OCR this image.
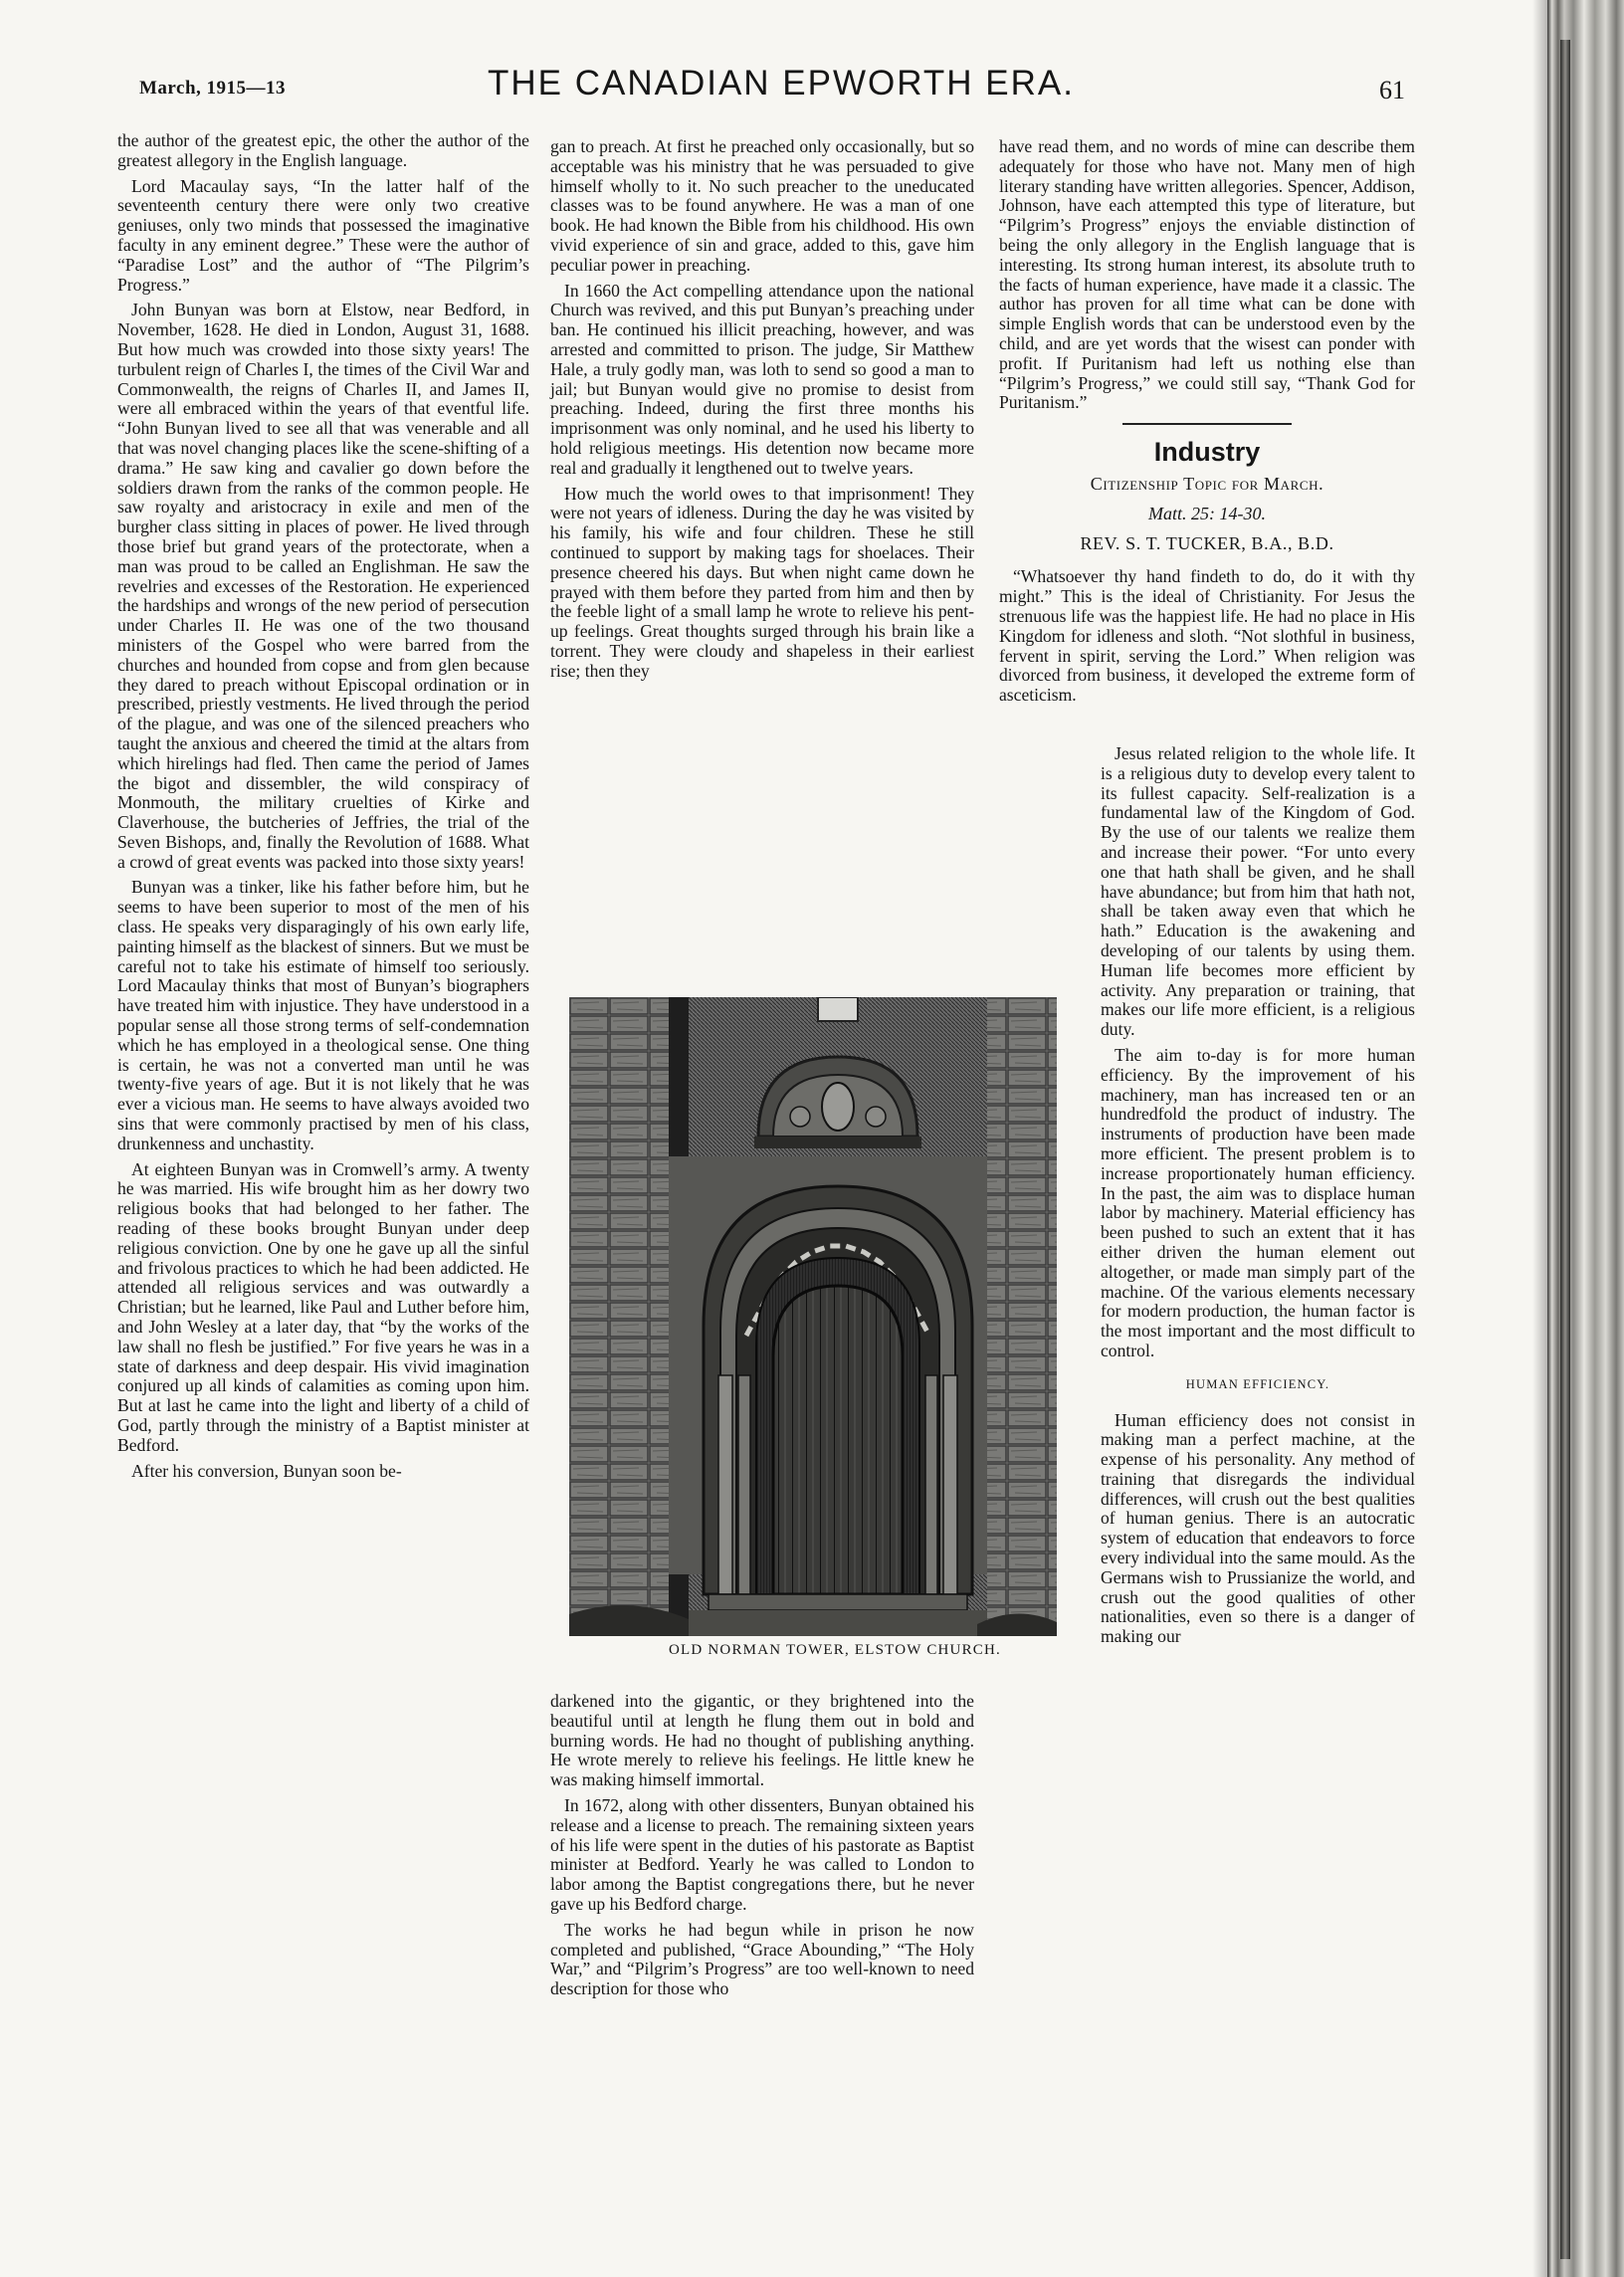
March, 1915—13	THE CANADIAN EPWORTH ERA.	61

the author of the greatest epic, the other the author of the greatest allegory in the English language.

Lord Macaulay says, “In the latter half of the seventeenth century there were only two creative geniuses, only two minds that possessed the imaginative faculty in any eminent degree.” These were the author of “Paradise Lost” and the author of “The Pilgrim’s Progress.”

John Bunyan was born at Elstow, near Bedford, in November, 1628. He died in London, August 31, 1688. But how much was crowded into those sixty years! The turbulent reign of Charles I, the times of the Civil War and Commonwealth, the reigns of Charles II, and James II, were all embraced within the years of that eventful life. “John Bunyan lived to see all that was venerable and all that was novel changing places like the scene-shifting of a drama.” He saw king and cavalier go down before the soldiers drawn from the ranks of the common people. He saw royalty and aristocracy in exile and men of the burgher class sitting in places of power. He lived through those brief but grand years of the protectorate, when a man was proud to be called an Englishman. He saw the revelries and excesses of the Restoration. He experienced the hardships and wrongs of the new period of persecution under Charles II. He was one of the two thousand ministers of the Gospel who were barred from the churches and hounded from copse and from glen because they dared to preach without Episcopal ordination or in prescribed, priestly vestments. He lived through the period of the plague, and was one of the silenced preachers who taught the anxious and cheered the timid at the altars from which hirelings had fled. Then came the period of James the bigot and dissembler, the wild conspiracy of Monmouth, the military cruelties of Kirke and Claverhouse, the butcheries of Jeffries, the trial of the Seven Bishops, and, finally the Revolution of 1688. What a crowd of great events was packed into those sixty years!

Bunyan was a tinker, like his father before him, but he seems to have been superior to most of the men of his class. He speaks very disparagingly of his own early life, painting himself as the blackest of sinners. But we must be careful not to take his estimate of himself too seriously. Lord Macaulay thinks that most of Bunyan’s biographers have treated him with injustice. They have understood in a popular sense all those strong terms of self-condemnation which he has employed in a theological sense. One thing is certain, he was not a converted man until he was twenty-five years of age. But it is not likely that he was ever a vicious man. He seems to have always avoided two sins that were commonly practised by men of his class, drunkenness and unchastity.

At eighteen Bunyan was in Cromwell’s army. A twenty he was married. His wife brought him as her dowry two religious books that had belonged to her father. The reading of these books brought Bunyan under deep religious conviction. One by one he gave up all the sinful and frivolous practices to which he had been addicted. He attended all religious services and was outwardly a Christian; but he learned, like Paul and Luther before him, and John Wesley at a later day, that “by the works of the law shall no flesh be justified.” For five years he was in a state of darkness and deep despair. His vivid imagination conjured up all kinds of calamities as coming upon him. But at last he came into the light and liberty of a child of God, partly through the ministry of a Baptist minister at Bedford.

After his conversion, Bunyan soon be-

gan to preach. At first he preached only occasionally, but so acceptable was his ministry that he was persuaded to give himself wholly to it. No such preacher to the uneducated classes was to be found anywhere. He was a man of one book. He had known the Bible from his childhood. His own vivid experience of sin and grace, added to this, gave him peculiar power in preaching.

In 1660 the Act compelling attendance upon the national Church was revived, and this put Bunyan’s preaching under ban. He continued his illicit preaching, however, and was arrested and committed to prison. The judge, Sir Matthew Hale, a truly godly man, was loth to send so good a man to jail; but Bunyan would give no promise to desist from preaching. Indeed, during the first three months his imprisonment was only nominal, and he used his liberty to hold religious meetings. His detention now became more real and gradually it lengthened out to twelve years.

How much the world owes to that imprisonment! They were not years of idleness. During the day he was visited by his family, his wife and four children. These he still continued to support by making tags for shoelaces. Their presence cheered his days. But when night came down he prayed with them before they parted from him and then by the feeble light of a small lamp he wrote to relieve his pent-up feelings. Great thoughts surged through his brain like a torrent. They were cloudy and shapeless in their earliest rise; then they

OLD NORMAN TOWER, ELSTOW CHURCH.

darkened into the gigantic, or they brightened into the beautiful until at length he flung them out in bold and burning words. He had no thought of publishing anything. He wrote merely to relieve his feelings. He little knew he was making himself immortal.

In 1672, along with other dissenters, Bunyan obtained his release and a license to preach. The remaining sixteen years of his life were spent in the duties of his pastorate as Baptist minister at Bedford. Yearly he was called to London to labor among the Baptist congregations there, but he never gave up his Bedford charge.

The works he had begun while in prison he now completed and published, “Grace Abounding,” “The Holy War,” and “Pilgrim’s Progress” are too well-known to need description for those who

have read them, and no words of mine can describe them adequately for those who have not. Many men of high literary standing have written allegories. Spencer, Addison, Johnson, have each attempted this type of literature, but “Pilgrim’s Progress” enjoys the enviable distinction of being the only allegory in the English language that is interesting. Its strong human interest, its absolute truth to the facts of human experience, have made it a classic. The author has proven for all time what can be done with simple English words that can be understood even by the child, and are yet words that the wisest can ponder with profit. If Puritanism had left us nothing else than “Pilgrim’s Progress,” we could still say, “Thank God for Puritanism.”

Industry
Citizenship Topic for March.
Matt. 25: 14-30.
REV. S. T. TUCKER, B.A., B.D.

“Whatsoever thy hand findeth to do, do it with thy might.” This is the ideal of Christianity. For Jesus the strenuous life was the happiest life. He had no place in His Kingdom for idleness and sloth. “Not slothful in business, fervent in spirit, serving the Lord.” When religion was divorced from business, it developed the extreme form of asceticism.

Jesus related religion to the whole life. It is a religious duty to develop every talent to its fullest capacity. Self-realization is a fundamental law of the Kingdom of God. By the use of our talents we realize them and increase their power. “For unto every one that hath shall be given, and he shall have abundance; but from him that hath not, shall be taken away even that which he hath.” Education is the awakening and developing of our talents by using them. Human life becomes more efficient by activity. Any preparation or training, that makes our life more efficient, is a religious duty.

The aim to-day is for more human efficiency. By the improvement of his machinery, man has increased ten or an hundredfold the product of industry. The instruments of production have been made more efficient. The present problem is to increase proportionately human efficiency. In the past, the aim was to displace human labor by machinery. Material efficiency has been pushed to such an extent that it has either driven the human element out altogether, or made man simply part of the machine. Of the various elements necessary for modern production, the human factor is the most important and the most difficult to control.

HUMAN EFFICIENCY.

Human efficiency does not consist in making man a perfect machine, at the expense of his personality. Any method of training that disregards the individual differences, will crush out the best qualities of human genius. There is an autocratic system of education that endeavors to force every individual into the same mould. As the Germans wish to Prussianize the world, and crush out the good qualities of other nationalities, even so there is a danger of making our
